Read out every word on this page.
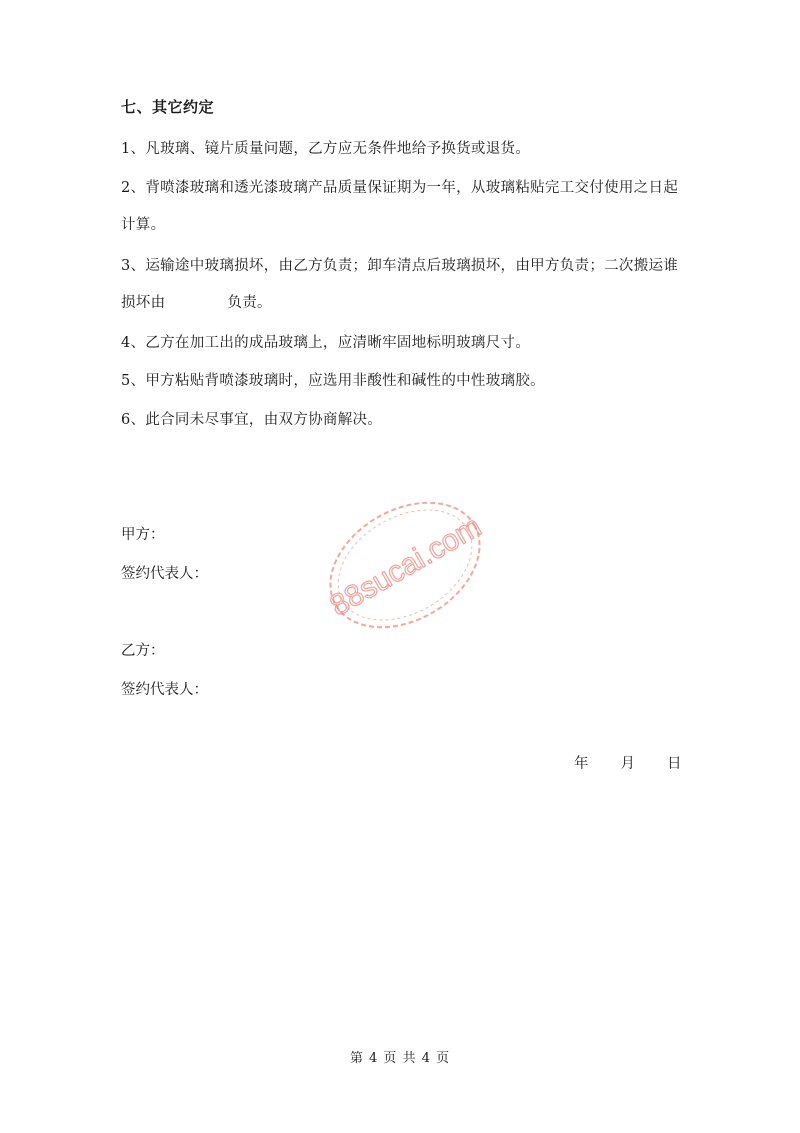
七、其它约定
1、凡玻璃、镜片质量问题，乙方应无条件地给予换货或退货。
2、背喷漆玻璃和透光漆玻璃产品质量保证期为一年，从玻璃粘贴完工交付使用之日起
计算。
3、运输途中玻璃损坏，由乙方负责；卸车清点后玻璃损坏，由甲方负责；二次搬运谁
损坏由	负责。
4、乙方在加工出的成品玻璃上，应清晰牢固地标明玻璃尺寸。
5、甲方粘贴背喷漆玻璃时，应选用非酸性和碱性的中性玻璃胶。
6、此合同未尽事宜，由双方协商解决。
甲方：
签约代表人：
乙方：
签约代表人：
年 月 日
88sucai.com
第 4 页 共 4 页
